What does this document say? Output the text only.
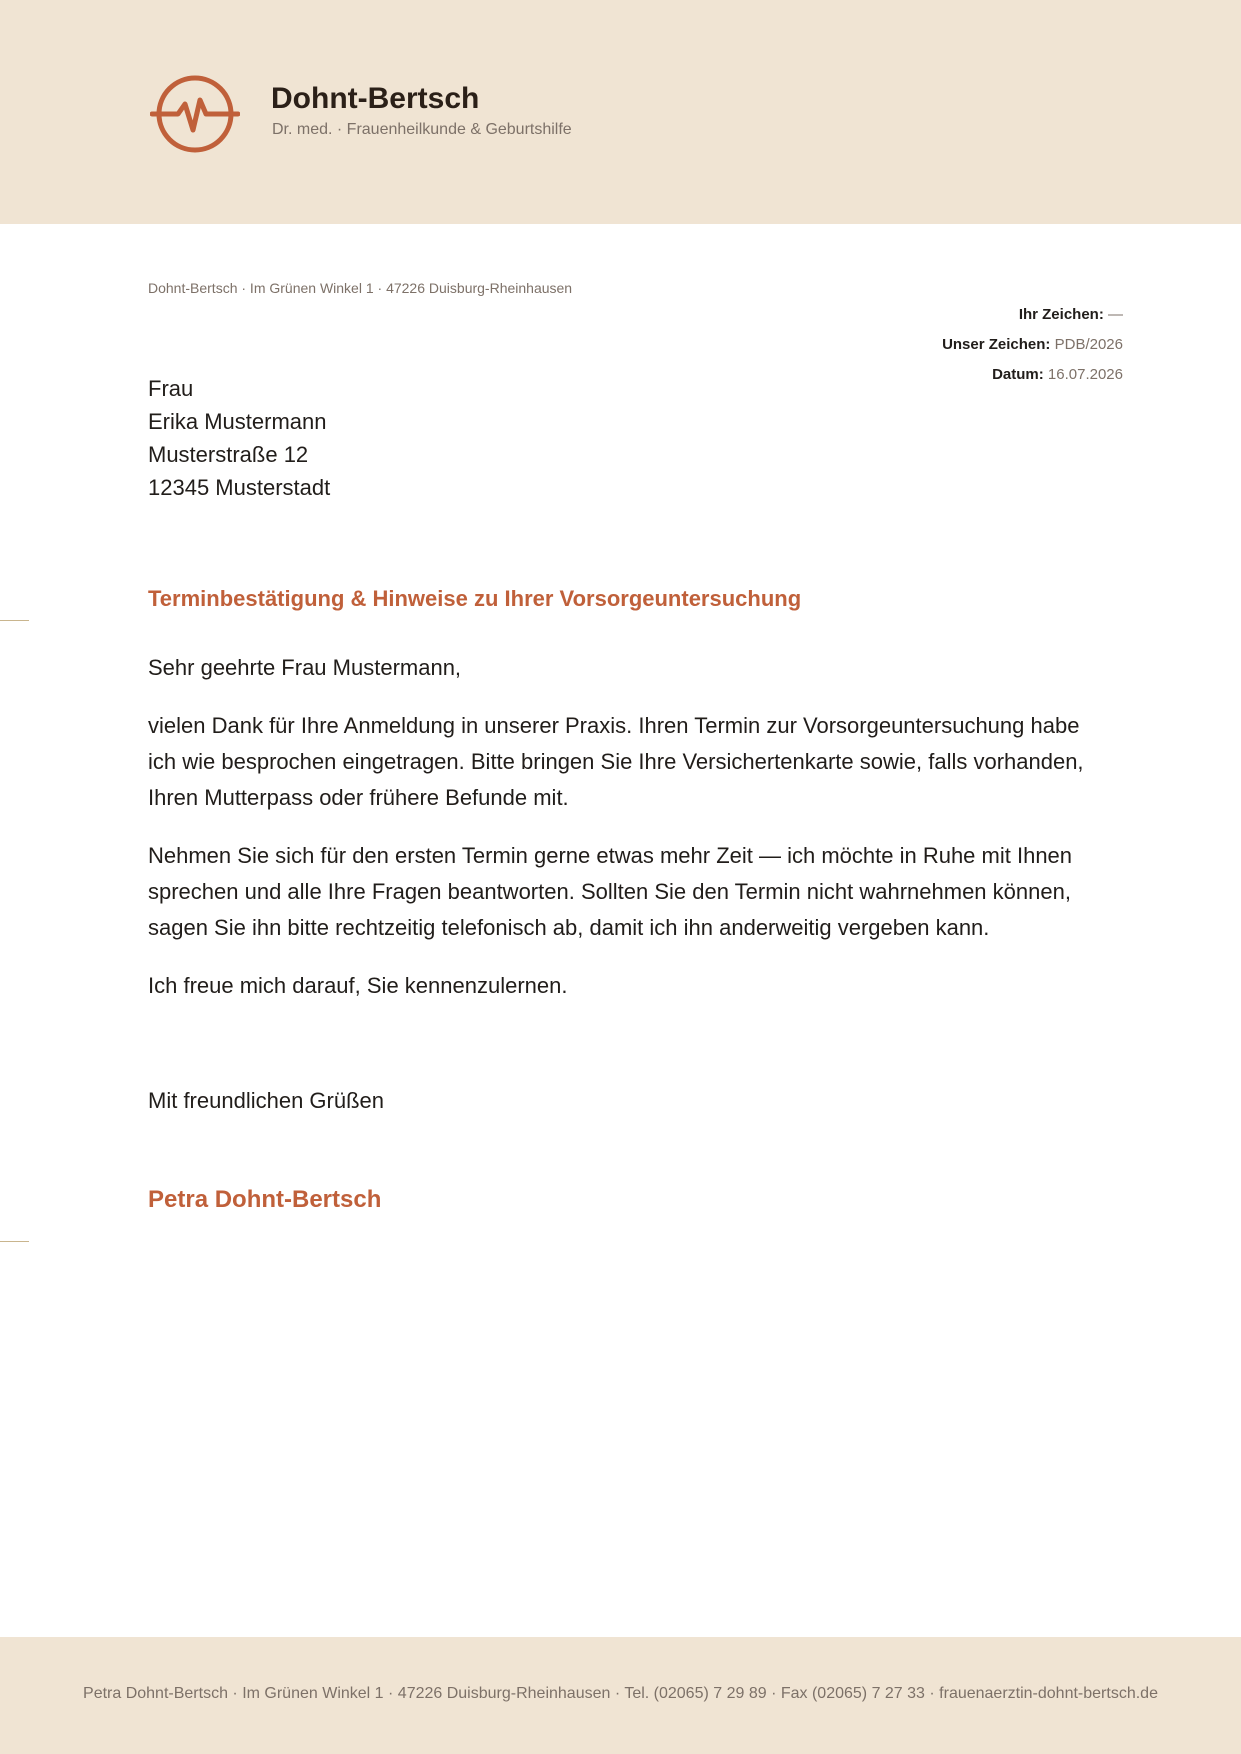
Dohnt-Bertsch
Dr. med. · Frauenheilkunde & Geburtshilfe
Dohnt-Bertsch · Im Grünen Winkel 1 · 47226 Duisburg-Rheinhausen
Ihr Zeichen: —
Unser Zeichen: PDB/2026
Datum: 16.07.2026
Frau
Erika Mustermann
Musterstraße 12
12345 Musterstadt
Terminbestätigung & Hinweise zu Ihrer Vorsorgeuntersuchung

Sehr geehrte Frau Mustermann,

vielen Dank für Ihre Anmeldung in unserer Praxis. Ihren Termin zur Vorsorgeuntersuchung habe ich wie besprochen eingetragen. Bitte bringen Sie Ihre Versichertenkarte sowie, falls vorhanden, Ihren Mutterpass oder frühere Befunde mit.

Nehmen Sie sich für den ersten Termin gerne etwas mehr Zeit — ich möchte in Ruhe mit Ihnen sprechen und alle Ihre Fragen beantworten. Sollten Sie den Termin nicht wahrnehmen können, sagen Sie ihn bitte rechtzeitig telefonisch ab, damit ich ihn anderweitig vergeben kann.

Ich freue mich darauf, Sie kennenzulernen.

Mit freundlichen Grüßen
Petra Dohnt-Bertsch
Petra Dohnt-Bertsch · Im Grünen Winkel 1 · 47226 Duisburg-Rheinhausen · Tel. (02065) 7 29 89 · Fax (02065) 7 27 33 · frauenaerztin-dohnt-bertsch.de
